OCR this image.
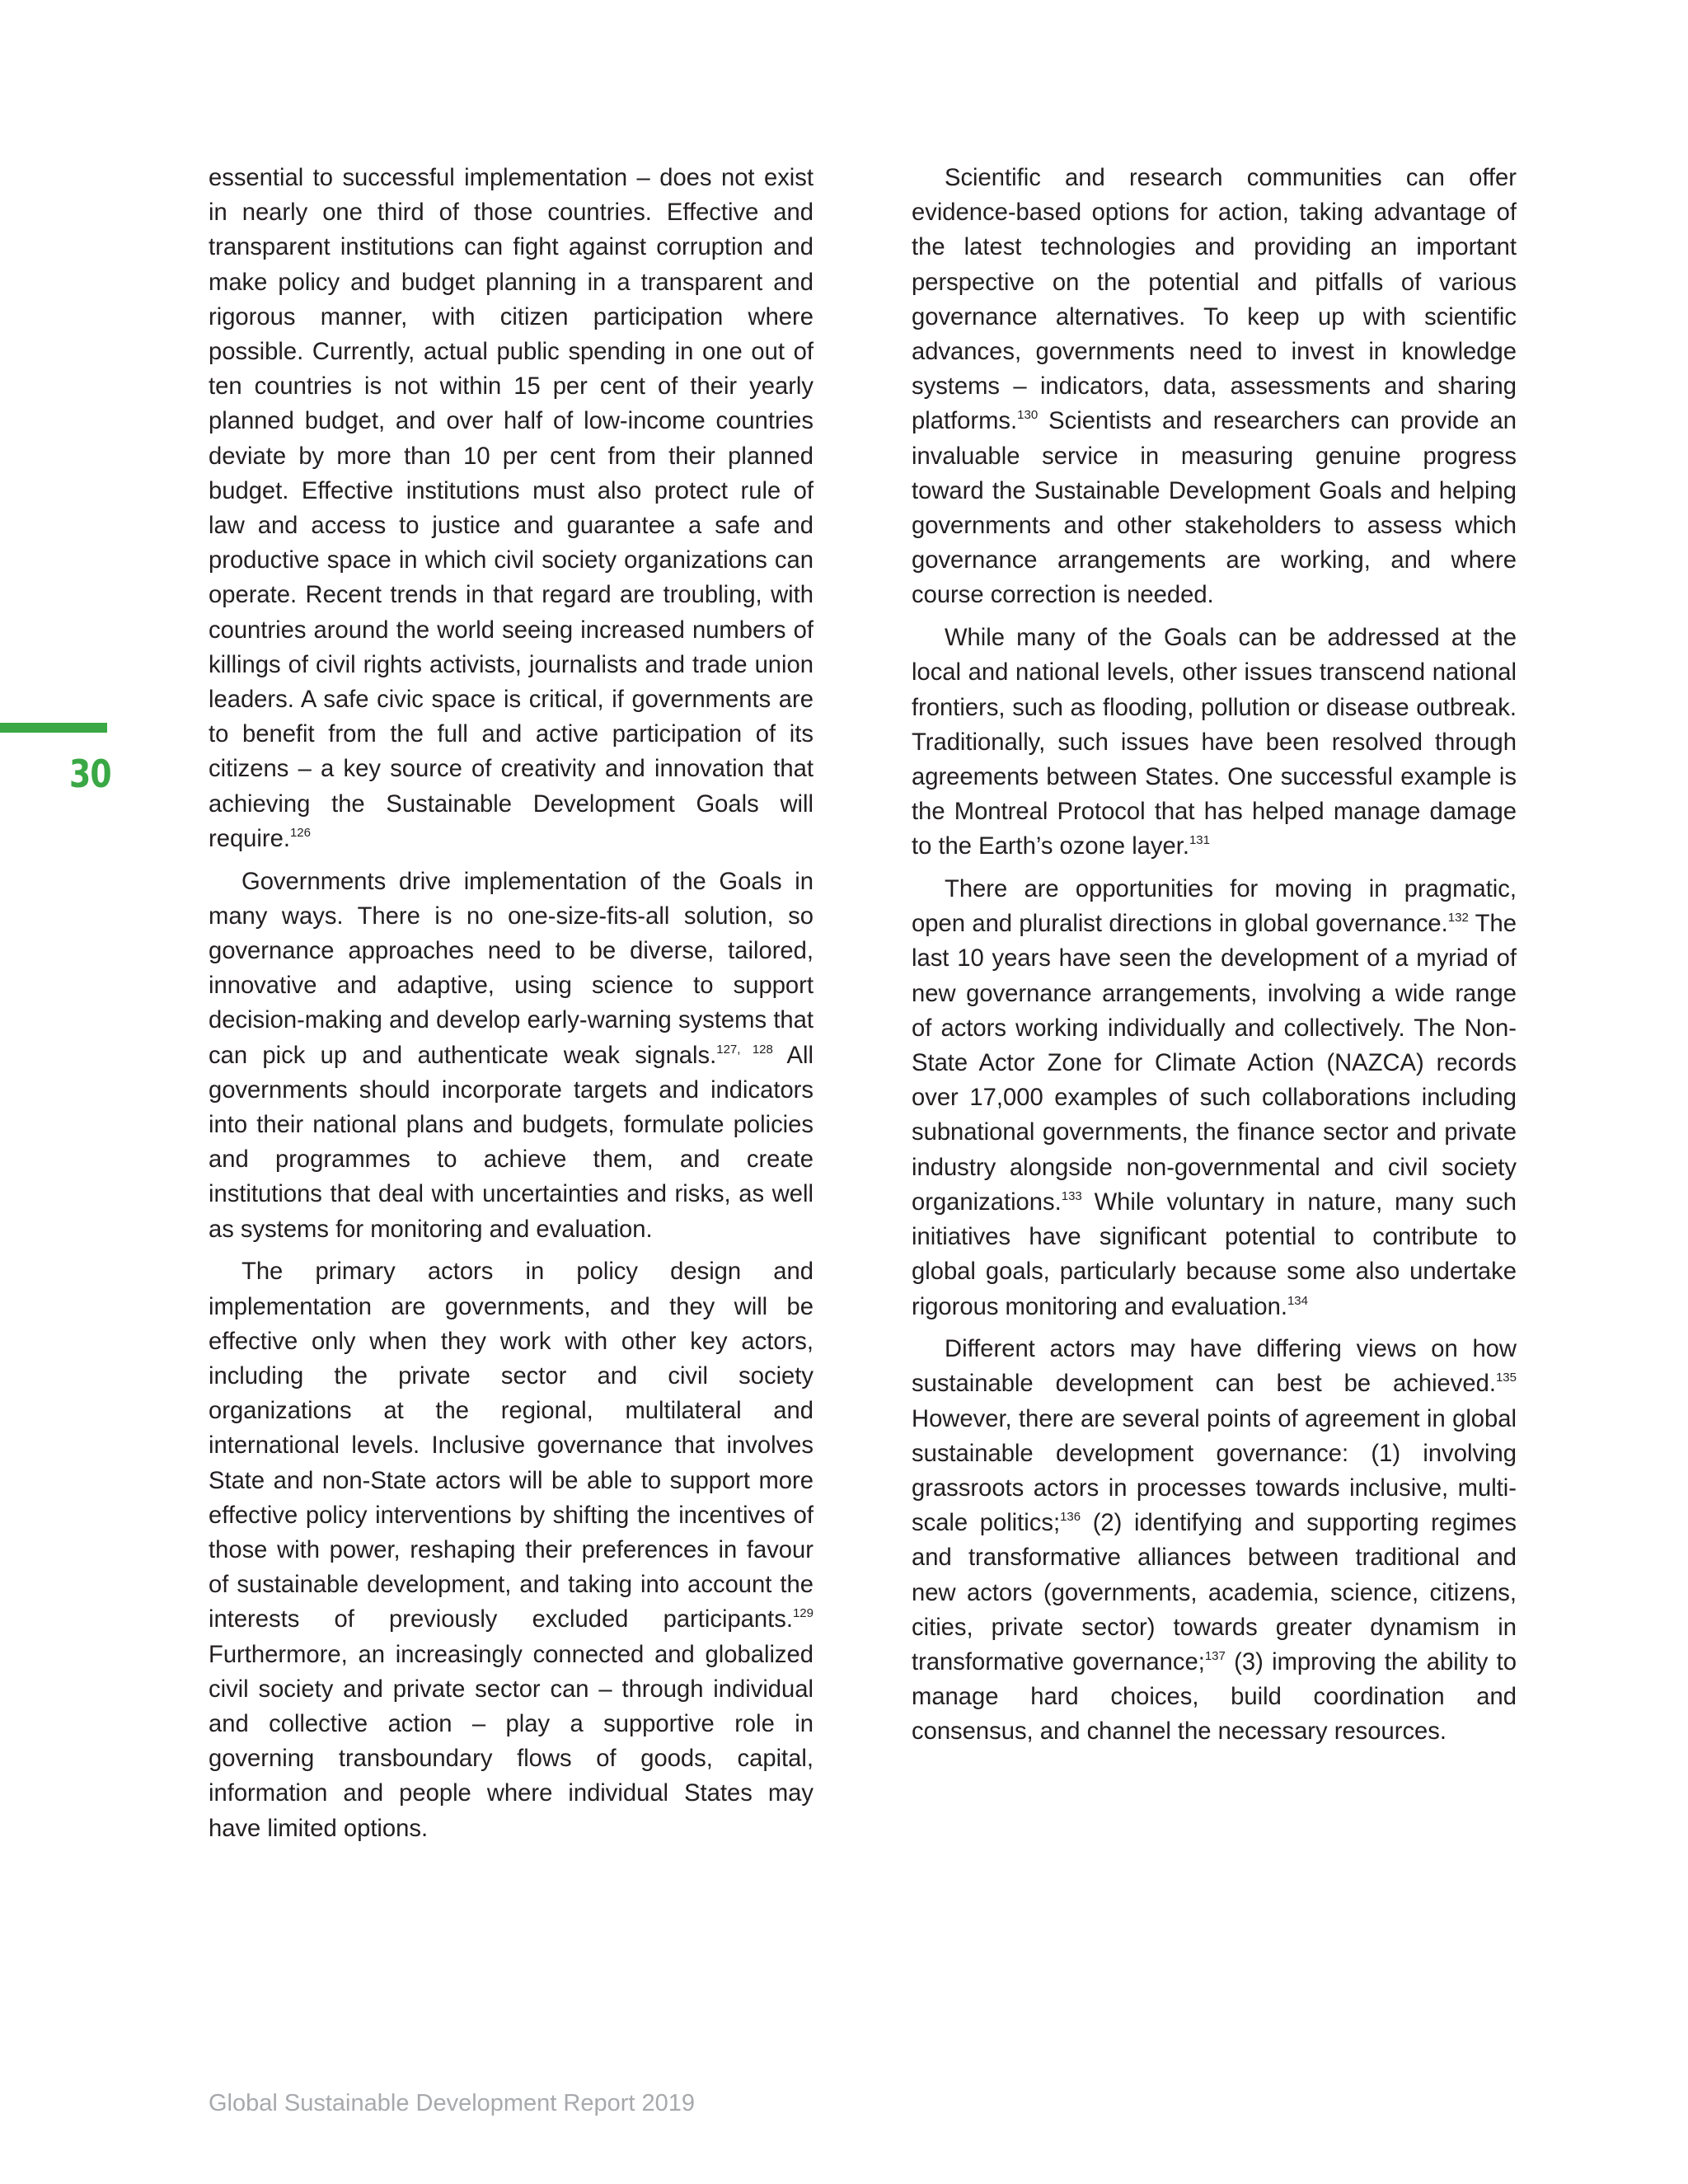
30

essential to successful implementation – does not exist in nearly one third of those countries. Effective and transparent institutions can fight against corruption and make policy and budget planning in a transparent and rigorous manner, with citizen participation where possible. Currently, actual public spending in one out of ten countries is not within 15 per cent of their yearly planned budget, and over half of low-income countries deviate by more than 10 per cent from their planned budget. Effective institutions must also protect rule of law and access to justice and guarantee a safe and productive space in which civil society organizations can operate. Recent trends in that regard are troubling, with countries around the world seeing increased numbers of killings of civil rights activists, journalists and trade union leaders. A safe civic space is critical, if governments are to benefit from the full and active participation of its citizens – a key source of creativity and innovation that achieving the Sustainable Development Goals will require.$^{126}$

Governments drive implementation of the Goals in many ways. There is no one-size-fits-all solution, so governance approaches need to be diverse, tailored, innovative and adaptive, using science to support decision-making and develop early-warning systems that can pick up and authenticate weak signals.$^{127, 128}$ All governments should incorporate targets and indicators into their national plans and budgets, formulate policies and programmes to achieve them, and create institutions that deal with uncertainties and risks, as well as systems for monitoring and evaluation.

The primary actors in policy design and implementation are governments, and they will be effective only when they work with other key actors, including the private sector and civil society organizations at the regional, multilateral and international levels. Inclusive governance that involves State and non-State actors will be able to support more effective policy interventions by shifting the incentives of those with power, reshaping their preferences in favour of sustainable development, and taking into account the interests of previously excluded participants.$^{129}$ Furthermore, an increasingly connected and globalized civil society and private sector can – through individual and collective action – play a supportive role in governing transboundary flows of goods, capital, information and people where individual States may have limited options.

Scientific and research communities can offer evidence-based options for action, taking advantage of the latest technologies and providing an important perspective on the potential and pitfalls of various governance alternatives. To keep up with scientific advances, governments need to invest in knowledge systems – indicators, data, assessments and sharing platforms.$^{130}$ Scientists and researchers can provide an invaluable service in measuring genuine progress toward the Sustainable Development Goals and helping governments and other stakeholders to assess which governance arrangements are working, and where course correction is needed.

While many of the Goals can be addressed at the local and national levels, other issues transcend national frontiers, such as flooding, pollution or disease outbreak. Traditionally, such issues have been resolved through agreements between States. One successful example is the Montreal Protocol that has helped manage damage to the Earth’s ozone layer.$^{131}$

There are opportunities for moving in pragmatic, open and pluralist directions in global governance.$^{132}$ The last 10 years have seen the development of a myriad of new governance arrangements, involving a wide range of actors working individually and collectively. The Non-State Actor Zone for Climate Action (NAZCA) records over 17,000 examples of such collaborations including subnational governments, the finance sector and private industry alongside non-governmental and civil society organizations.$^{133}$ While voluntary in nature, many such initiatives have significant potential to contribute to global goals, particularly because some also undertake rigorous monitoring and evaluation.$^{134}$

Different actors may have differing views on how sustainable development can best be achieved.$^{135}$ However, there are several points of agreement in global sustainable development governance: (1) involving grassroots actors in processes towards inclusive, multi-scale politics;$^{136}$ (2) identifying and supporting regimes and transformative alliances between traditional and new actors (governments, academia, science, citizens, cities, private sector) towards greater dynamism in transformative governance;$^{137}$ (3) improving the ability to manage hard choices, build coordination and consensus, and channel the necessary resources.

Global Sustainable Development Report 2019
